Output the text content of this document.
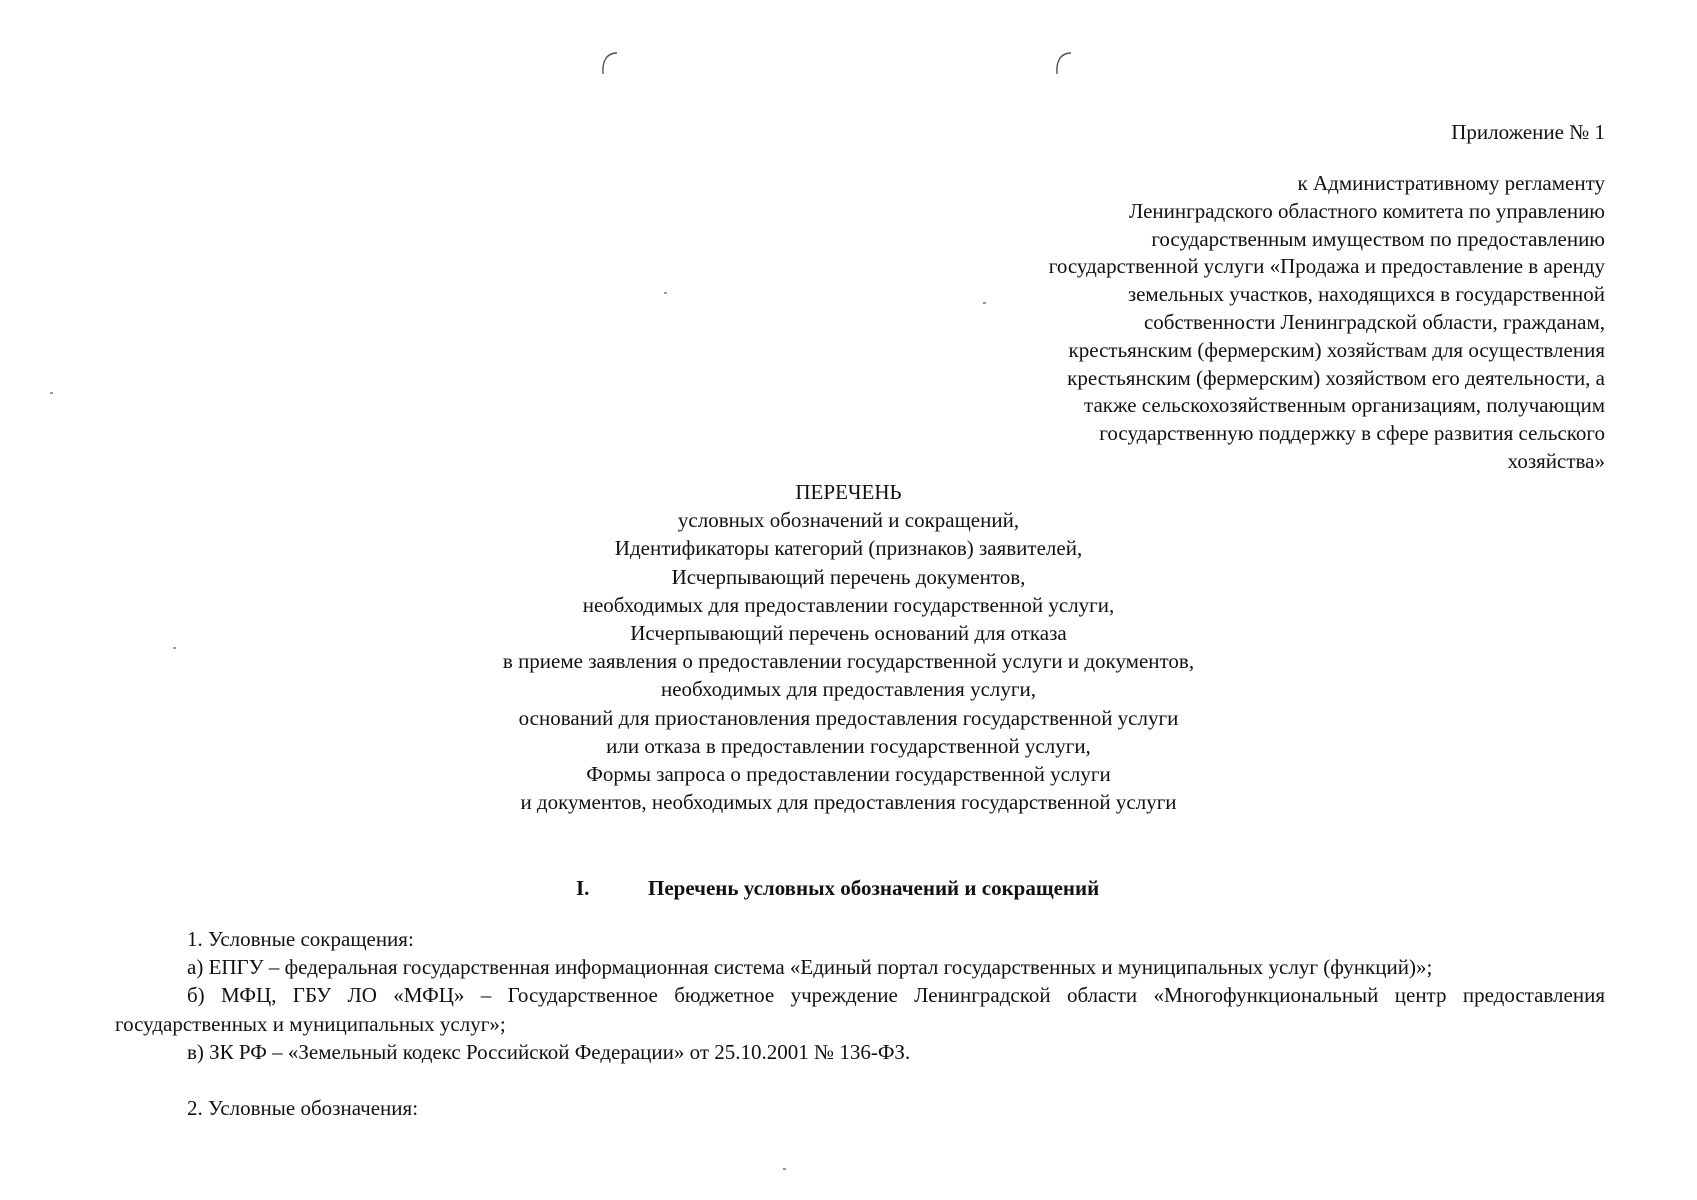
Приложение № 1
к Административному регламенту
Ленинградского областного комитета по управлению
государственным имуществом по предоставлению
государственной услуги «Продажа и предоставление в аренду
земельных участков, находящихся в государственной
собственности Ленинградской области, гражданам,
крестьянским (фермерским) хозяйствам для осуществления
крестьянским (фермерским) хозяйством его деятельности, а
также сельскохозяйственным организациям, получающим
государственную поддержку в сфере развития сельского
хозяйства»
ПЕРЕЧЕНЬ
условных обозначений и сокращений,
Идентификаторы категорий (признаков) заявителей,
Исчерпывающий перечень документов,
необходимых для предоставлении государственной услуги,
Исчерпывающий перечень оснований для отказа
в приеме заявления о предоставлении государственной услуги и документов,
необходимых для предоставления услуги,
оснований для приостановления предоставления государственной услуги
или отказа в предоставлении государственной услуги,
Формы запроса о предоставлении государственной услуги
и документов, необходимых для предоставления государственной услуги
I.	Перечень условных обозначений и сокращений

1. Условные сокращения:

а) ЕПГУ – федеральная государственная информационная система «Единый портал государственных и муниципальных услуг (функций)»;

б) МФЦ, ГБУ ЛО «МФЦ» – Государственное бюджетное учреждение Ленинградской области «Многофункциональный центр предоставления государственных и муниципальных услуг»;

в) ЗК РФ – «Земельный кодекс Российской Федерации» от 25.10.2001 № 136-ФЗ.

2. Условные обозначения:
